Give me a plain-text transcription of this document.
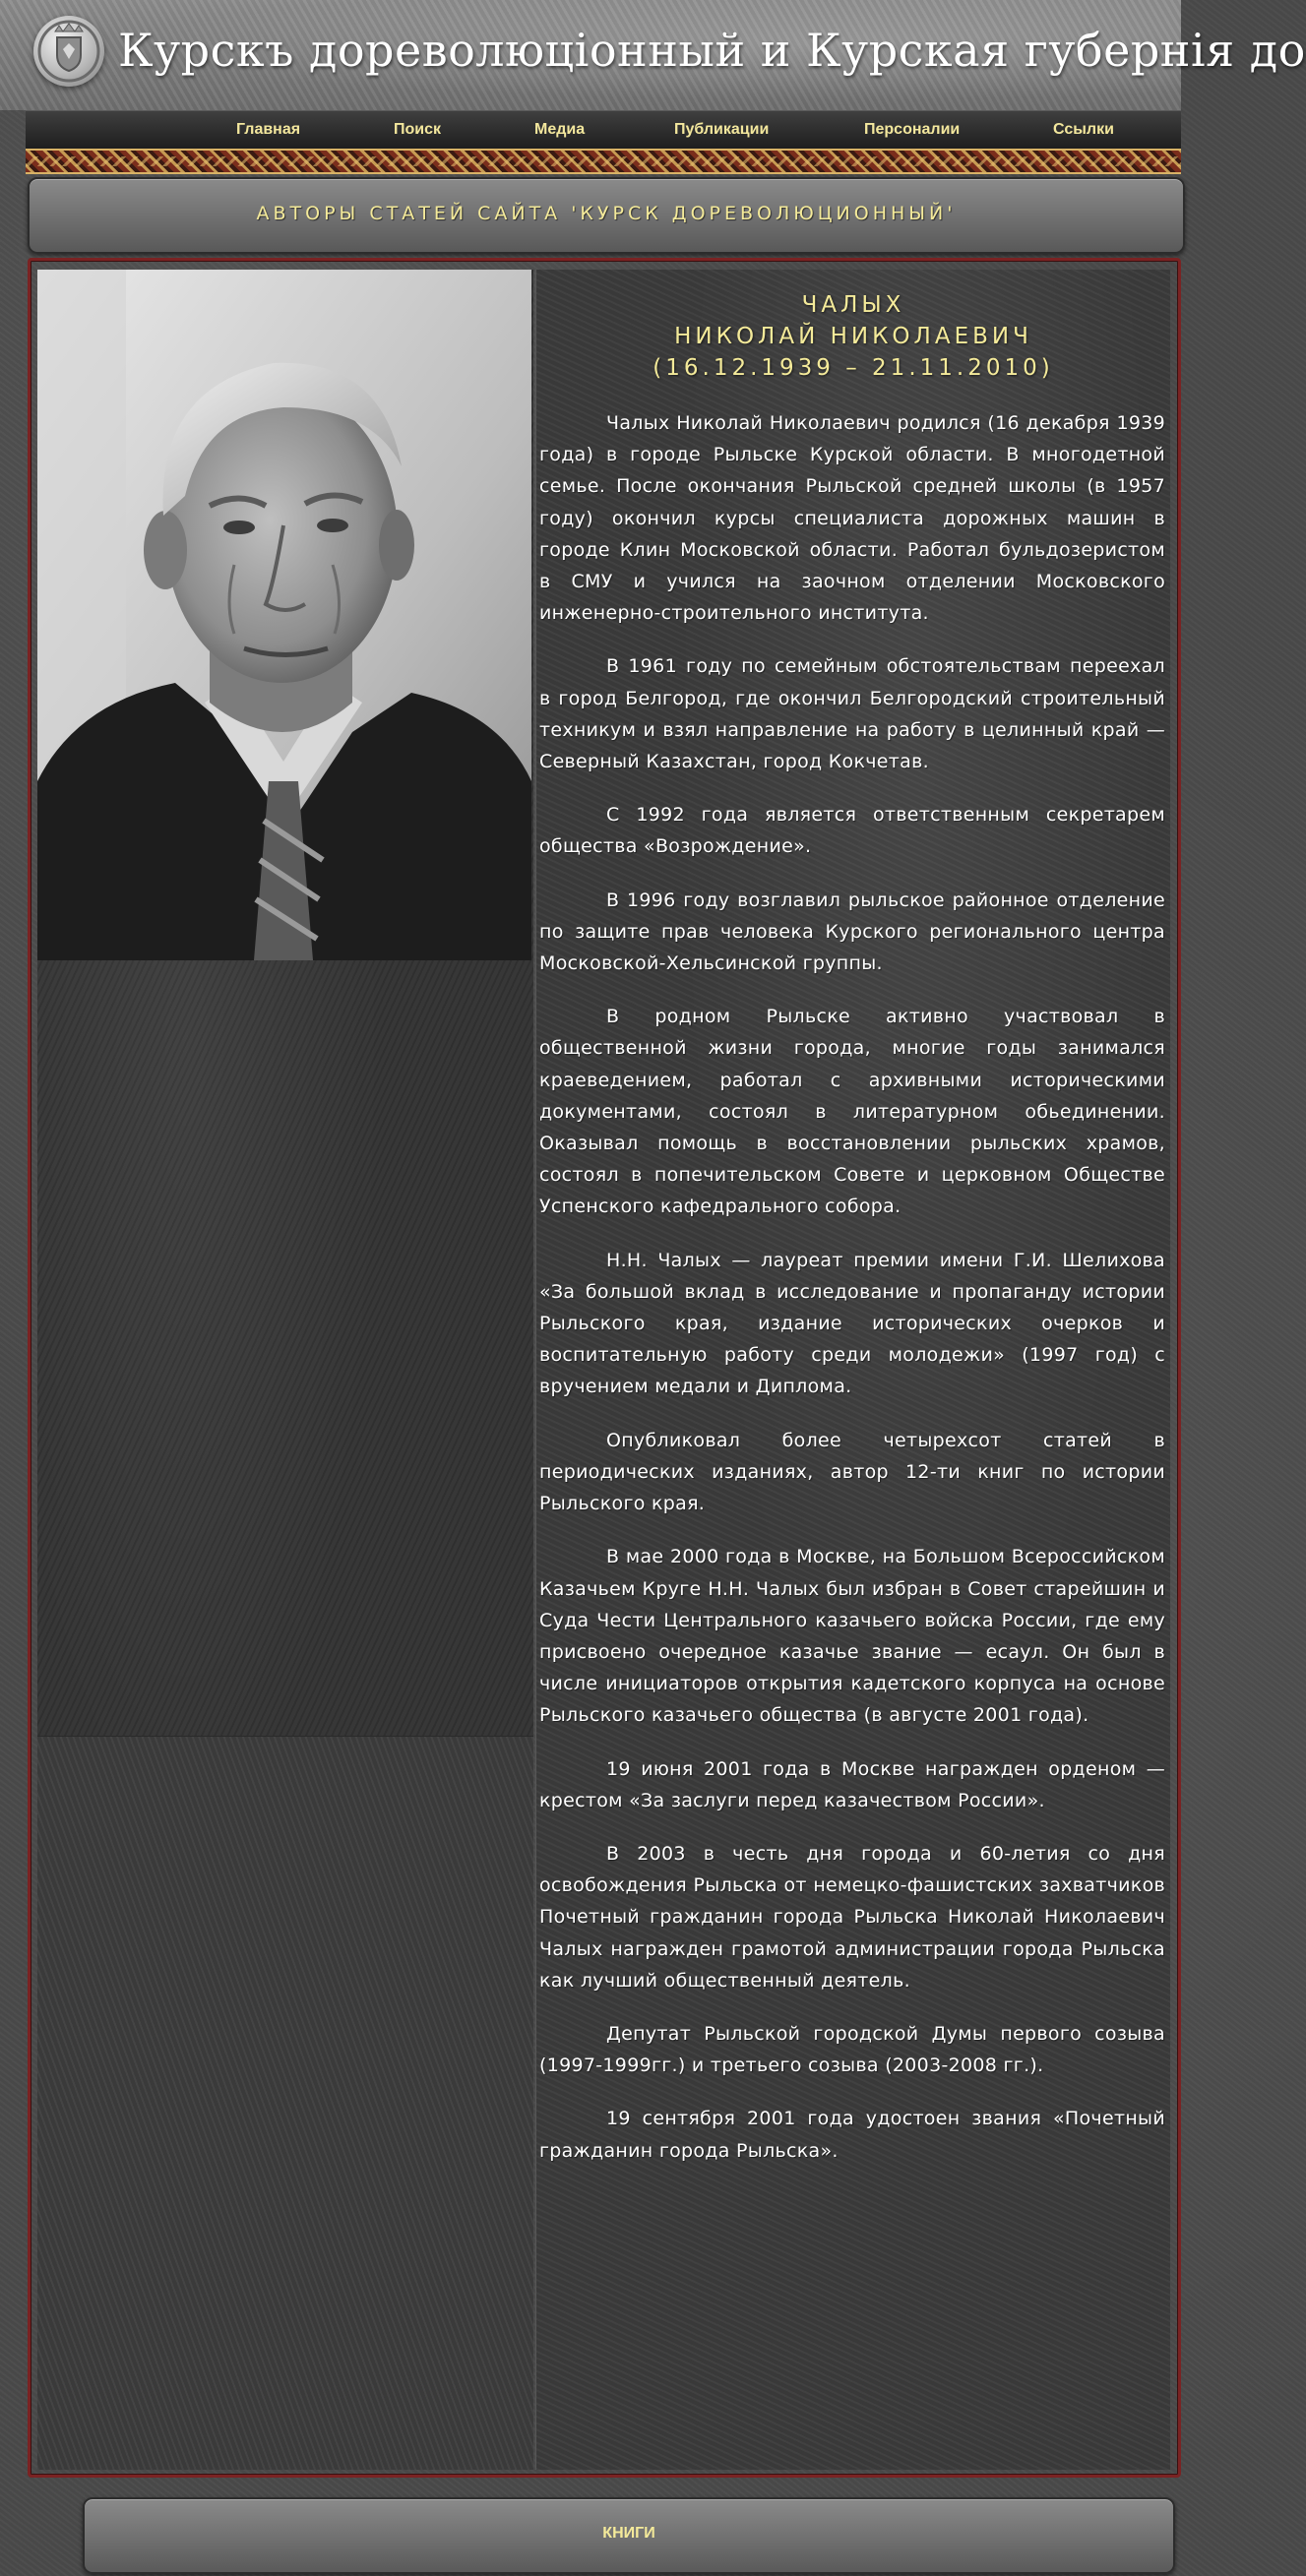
Курскъ дореволюціонный и Курская губернія до
Главная	Поиск	Медиа	Публикации	Персоналии	Ссылки
АВТОРЫ СТАТЕЙ САЙТА 'КУРСК ДОРЕВОЛЮЦИОННЫЙ'
ЧАЛЫХ
НИКОЛАЙ НИКОЛАЕВИЧ
(16.12.1939 – 21.11.2010)

Чалых Николай Николаевич родился (16 декабря 1939 года) в городе Рыльске Курской области. В многодетной семье. После окончания Рыльской средней школы (в 1957 году) окончил курсы специалиста дорожных машин в городе Клин Московской области. Работал бульдозеристом в СМУ и учился на заочном отделении Московского инженерно-строительного института.

В 1961 году по семейным обстоятельствам переехал в город Белгород, где окончил Белгородский строительный техникум и взял направление на работу в целинный край — Северный Казахстан, город Кокчетав.

С 1992 года является ответственным секретарем общества «Возрождение».

В 1996 году возглавил рыльское районное отделение по защите прав человека Курского регионального центра Московской-Хельсинской группы.

В родном Рыльске активно участвовал в общественной жизни города, многие годы занимался краеведением, работал с архивными историческими документами, состоял в литературном обьединении. Оказывал помощь в восстановлении рыльских храмов, состоял в попечительском Совете и церковном Обществе Успенского кафедрального собора.

Н.Н. Чалых — лауреат премии имени Г.И. Шелихова «За большой вклад в исследование и пропаганду истории Рыльского края, издание исторических очерков и воспитательную работу среди молодежи» (1997 год) с вручением медали и Диплома.

Опубликовал более четырехсот статей в периодических изданиях, автор 12-ти книг по истории Рыльского края.

В мае 2000 года в Москве, на Большом Всероссийском Казачьем Круге Н.Н. Чалых был избран в Совет старейшин и Суда Чести Центрального казачьего войска России, где ему присвоено очередное казачье звание — есаул. Он был в числе инициаторов открытия кадетского корпуса на основе Рыльского казачьего общества (в августе 2001 года).

19 июня 2001 года в Москве награжден орденом — крестом «За заслуги перед казачеством России».

В 2003 в честь дня города и 60-летия со дня освобождения Рыльска от немецко-фашистских захватчиков Почетный гражданин города Рыльска Николай Николаевич Чалых награжден грамотой администрации города Рыльска как лучший общественный деятель.

Депутат Рыльской городской Думы первого созыва (1997-1999гг.) и третьего созыва (2003-2008 гг.).

19 сентября 2001 года удостоен звания «Почетный гражданин города Рыльска».

КНИГИ
